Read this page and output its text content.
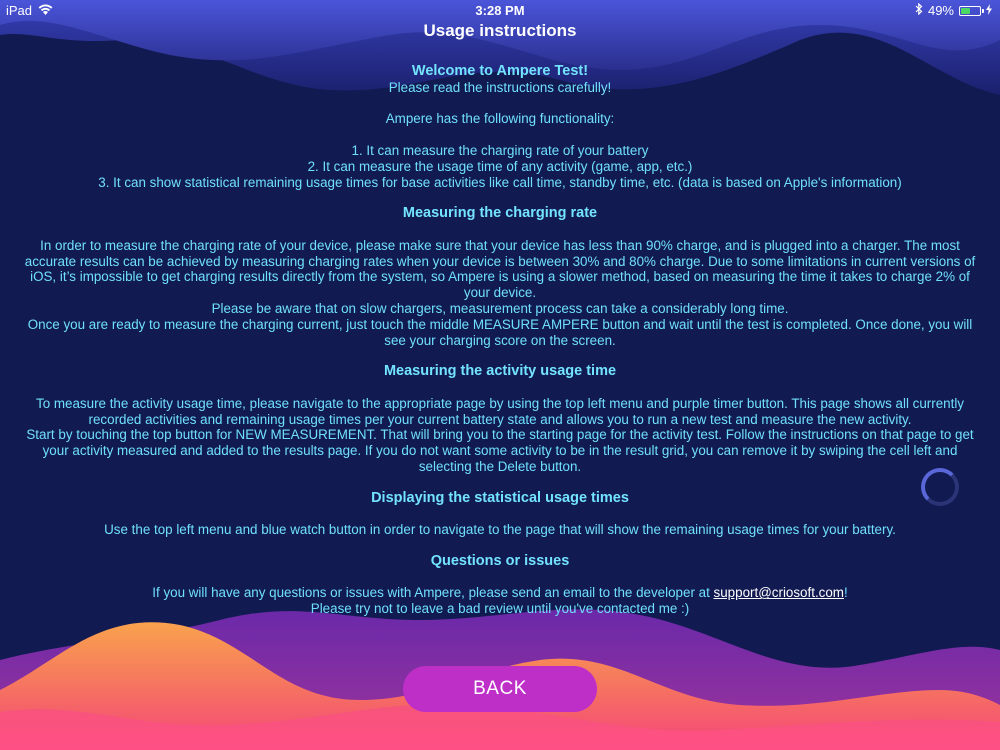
iPad	3:28 PM	49%
Usage instructions

Welcome to Ampere Test!

Please read the instructions carefully!

Ampere has the following functionality:

1. It can measure the charging rate of your battery

2. It can measure the usage time of any activity (game, app, etc.)

3. It can show statistical remaining usage times for base activities like call time, standby time, etc. (data is based on Apple's information)

Measuring the charging rate

In order to measure the charging rate of your device, please make sure that your device has less than 90% charge, and is plugged into a charger. The most accurate results can be achieved by measuring charging rates when your device is between 30% and 80% charge. Due to some limitations in current versions of iOS, it’s impossible to get charging results directly from the system, so Ampere is using a slower method, based on measuring the time it takes to charge 2% of your device.

Please be aware that on slow chargers, measurement process can take a considerably long time.

Once you are ready to measure the charging current, just touch the middle MEASURE AMPERE button and wait until the test is completed. Once done, you will see your charging score on the screen.

Measuring the activity usage time

To measure the activity usage time, please navigate to the appropriate page by using the top left menu and purple timer button. This page shows all currently recorded activities and remaining usage times per your current battery state and allows you to run a new test and measure the new activity.

Start by touching the top button for NEW MEASUREMENT. That will bring you to the starting page for the activity test. Follow the instructions on that page to get your activity measured and added to the results page. If you do not want some activity to be in the result grid, you can remove it by swiping the cell left and selecting the Delete button.

Displaying the statistical usage times

Use the top left menu and blue watch button in order to navigate to the page that will show the remaining usage times for your battery.

Questions or issues

If you will have any questions or issues with Ampere, please send an email to the developer at support@criosoft.com!

Please try not to leave a bad review until you've contacted me :)

BACK
